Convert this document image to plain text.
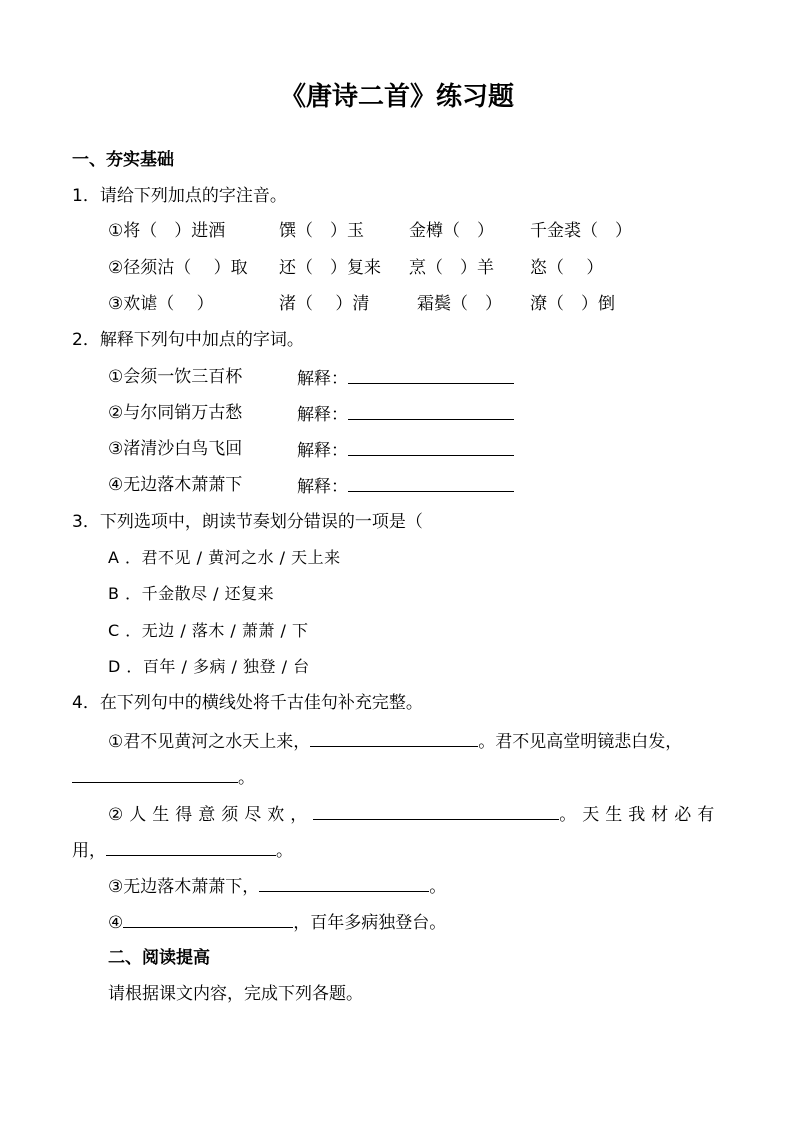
《唐诗二首》练习题
一、夯实基础
1．请给下列加点的字注音。
①将（　）进酒	馔（　）玉	金樽（　） 千金裘（　）
②径须沽（　 ）取 还（　）复来 烹（　）羊 恣（　 ）
③欢谑（　 ）	渚（　 ）清	霜鬓（　） 潦（　）倒
2．解释下列句中加点的字词。
①会须一饮三百杯	解释：
②与尔同销万古愁	解释：
③渚清沙白鸟飞回	解释：
④无边落木萧萧下	解释：
3．下列选项中，朗读节奏划分错误的一项是（
A ．君不见 / 黄河之水 / 天上来
B ．千金散尽 / 还复来
C ．无边 / 落木 / 萧萧 / 下
D ．百年 / 多病 / 独登 / 台
4．在下列句中的横线处将千古佳句补充完整。
①君不见黄河之水天上来，	。君不见高堂明镜悲白发，
。
②人生得意须尽欢，	。天生我材必有
用，	。
③无边落木萧萧下，	。
④	，百年多病独登台。
二、阅读提高
请根据课文内容，完成下列各题。
